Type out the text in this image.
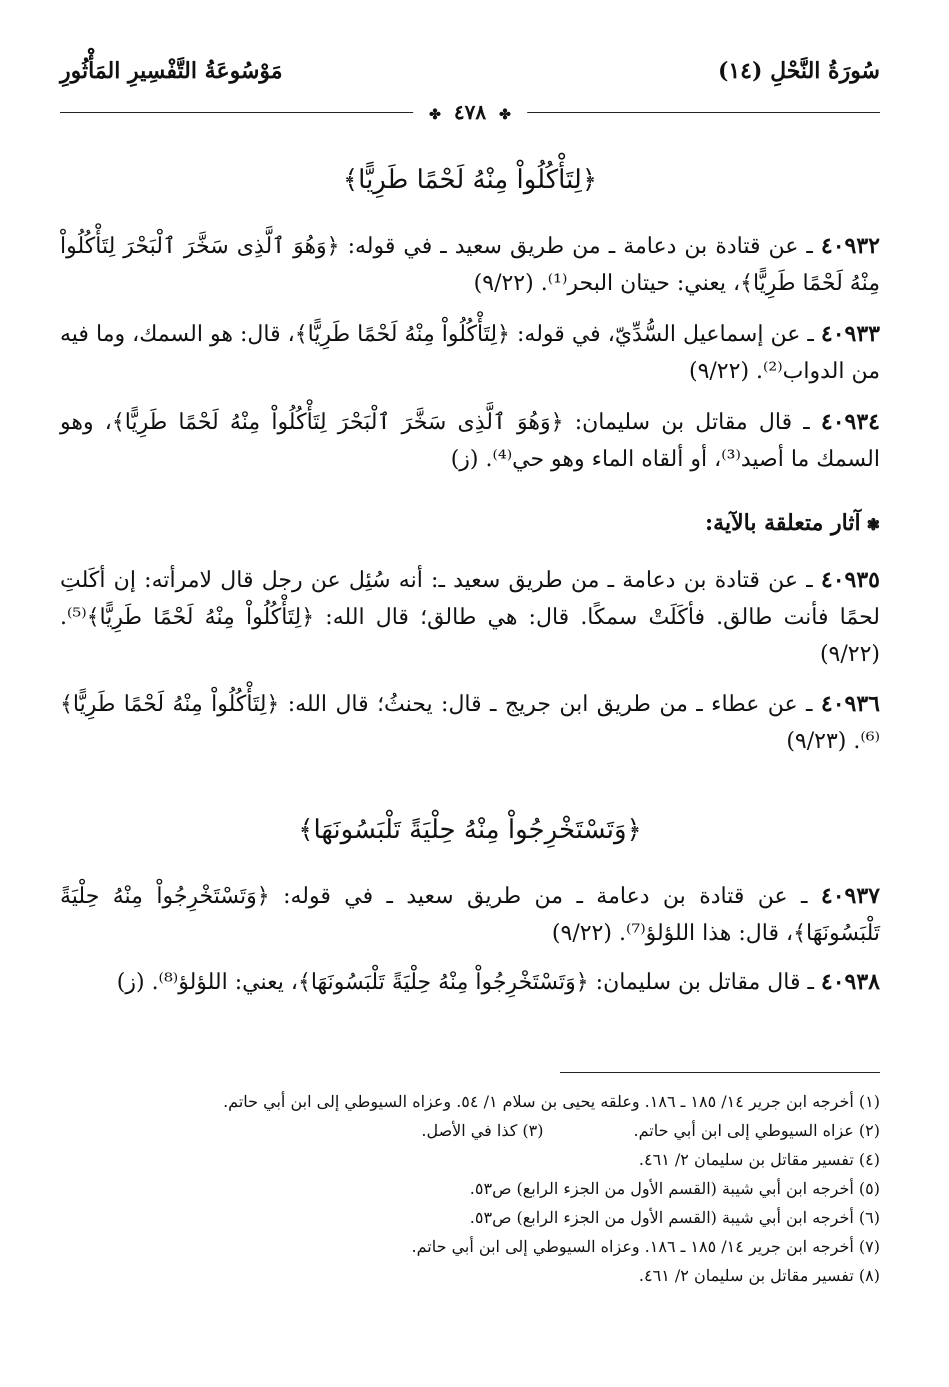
سُورَةُ النَّحْلِ (١٤)
مَوْسُوعَةُ التَّفْسِيرِ المَأْثُورِ
✤ ٤٧٨ ✤
﴿لِتَأْكُلُواْ مِنْهُ لَحْمًا طَرِيًّا﴾
٤٠٩٣٢ ـ عن قتادة بن دعامة ـ من طريق سعيد ـ في قوله: ﴿وَهُوَ ٱلَّذِى سَخَّرَ ٱلْبَحْرَ لِتَأْكُلُواْ مِنْهُ لَحْمًا طَرِيًّا﴾، يعني: حيتان البحر⁽¹⁾. (٩/٢٢)
٤٠٩٣٣ ـ عن إسماعيل السُّدِّيّ، في قوله: ﴿لِتَأْكُلُواْ مِنْهُ لَحْمًا طَرِيًّا﴾، قال: هو السمك، وما فيه من الدواب⁽²⁾. (٩/٢٢)
٤٠٩٣٤ ـ قال مقاتل بن سليمان: ﴿وَهُوَ ٱلَّذِى سَخَّرَ ٱلْبَحْرَ لِتَأْكُلُواْ مِنْهُ لَحْمًا طَرِيًّا﴾، وهو السمك ما أصيد⁽³⁾، أو ألقاه الماء وهو حي⁽⁴⁾. (ز)
❃آثار متعلقة بالآية:
٤٠٩٣٥ ـ عن قتادة بن دعامة ـ من طريق سعيد ـ: أنه سُئِل عن رجل قال لامرأته: إن أكَلتِ لحمًا فأنت طالق. فأكَلَتْ سمكًا. قال: هي طالق؛ قال الله: ﴿لِتَأْكُلُواْ مِنْهُ لَحْمًا طَرِيًّا﴾⁽⁵⁾. (٩/٢٢)
٤٠٩٣٦ ـ عن عطاء ـ من طريق ابن جريج ـ قال: يحنثُ؛ قال الله: ﴿لِتَأْكُلُواْ مِنْهُ لَحْمًا طَرِيًّا﴾⁽⁶⁾. (٩/٢٣)
﴿وَتَسْتَخْرِجُواْ مِنْهُ حِلْيَةً تَلْبَسُونَهَا﴾
٤٠٩٣٧ ـ عن قتادة بن دعامة ـ من طريق سعيد ـ في قوله: ﴿وَتَسْتَخْرِجُواْ مِنْهُ حِلْيَةً تَلْبَسُونَهَا﴾، قال: هذا اللؤلؤ⁽⁷⁾. (٩/٢٢)
٤٠٩٣٨ ـ قال مقاتل بن سليمان: ﴿وَتَسْتَخْرِجُواْ مِنْهُ حِلْيَةً تَلْبَسُونَهَا﴾، يعني: اللؤلؤ⁽⁸⁾. (ز)
(١) أخرجه ابن جرير ١٤/ ١٨٥ ـ ١٨٦. وعلقه يحيى بن سلام ١/ ٥٤. وعزاه السيوطي إلى ابن أبي حاتم.
(٢) عزاه السيوطي إلى ابن أبي حاتم.
(٣) كذا في الأصل.
(٤) تفسير مقاتل بن سليمان ٢/ ٤٦١.
(٥) أخرجه ابن أبي شيبة (القسم الأول من الجزء الرابع) ص٥٣.
(٦) أخرجه ابن أبي شيبة (القسم الأول من الجزء الرابع) ص٥٣.
(٧) أخرجه ابن جرير ١٤/ ١٨٥ ـ ١٨٦. وعزاه السيوطي إلى ابن أبي حاتم.
(٨) تفسير مقاتل بن سليمان ٢/ ٤٦١.
